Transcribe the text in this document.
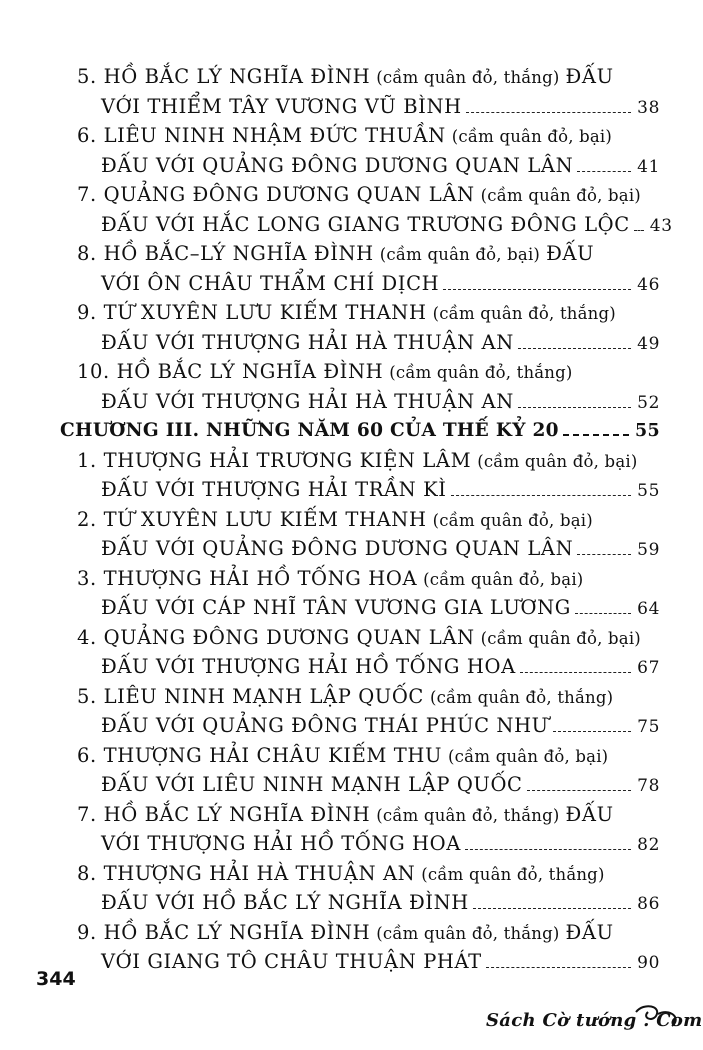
5. HỒ BẮC LÝ NGHĨA ĐÌNH (cầm quân đỏ, thắng) ĐẤU
VỚI THIỂM TÂY VƯƠNG VŨ BÌNH	38
6. LIÊU NINH NHẬM ĐỨC THUẦN (cầm quân đỏ, bại)
ĐẤU VỚI QUẢNG ĐÔNG DƯƠNG QUAN LÂN	41
7. QUẢNG ĐÔNG DƯƠNG QUAN LÂN (cầm quân đỏ, bại)
ĐẤU VỚI HẮC LONG GIANG TRƯƠNG ĐÔNG LỘC 43
8. HỒ BẮC–LÝ NGHĨA ĐÌNH (cầm quân đỏ, bại) ĐẤU
VỚI ÔN CHÂU THẨM CHÍ DỊCH	46
9. TỨ XUYÊN LƯU KIẾM THANH (cầm quân đỏ, thắng)
ĐẤU VỚI THƯỢNG HẢI HÀ THUẬN AN	49
10. HỒ BẮC LÝ NGHĨA ĐÌNH (cầm quân đỏ, thắng)
ĐẤU VỚI THƯỢNG HẢI HÀ THUẬN AN	52
CHƯƠNG III. NHỮNG NĂM 60 CỦA THẾ KỶ 20	55
1. THƯỢNG HẢI TRƯƠNG KIỆN LÂM (cầm quân đỏ, bại)
ĐẤU VỚI THƯỢNG HẢI TRẦN KÌ	55
2. TỨ XUYÊN LƯU KIẾM THANH (cầm quân đỏ, bại)
ĐẤU VỚI QUẢNG ĐÔNG DƯƠNG QUAN LÂN	59
3. THƯỢNG HẢI HỒ TỐNG HOA (cầm quân đỏ, bại)
ĐẤU VỚI CÁP NHĨ TÂN VƯƠNG GIA LƯƠNG	64
4. QUẢNG ĐÔNG DƯƠNG QUAN LÂN (cầm quân đỏ, bại)
ĐẤU VỚI THƯỢNG HẢI HỒ TỐNG HOA	67
5. LIÊU NINH MẠNH LẬP QUỐC (cầm quân đỏ, thắng)
ĐẤU VỚI QUẢNG ĐÔNG THÁI PHÚC NHƯ	75
6. THƯỢNG HẢI CHÂU KIẾM THU (cầm quân đỏ, bại)
ĐẤU VỚI LIÊU NINH MẠNH LẬP QUỐC	78
7. HỒ BẮC LÝ NGHĨA ĐÌNH (cầm quân đỏ, thắng) ĐẤU
VỚI THƯỢNG HẢI HỒ TỐNG HOA	82
8. THƯỢNG HẢI HÀ THUẬN AN (cầm quân đỏ, thắng)
ĐẤU VỚI HỒ BẮC LÝ NGHĨA ĐÌNH	86
9. HỒ BẮC LÝ NGHĨA ĐÌNH (cầm quân đỏ, thắng) ĐẤU
VỚI GIANG TÔ CHÂU THUẬN PHÁT	90
344
Sách Cờ tướng . Com
